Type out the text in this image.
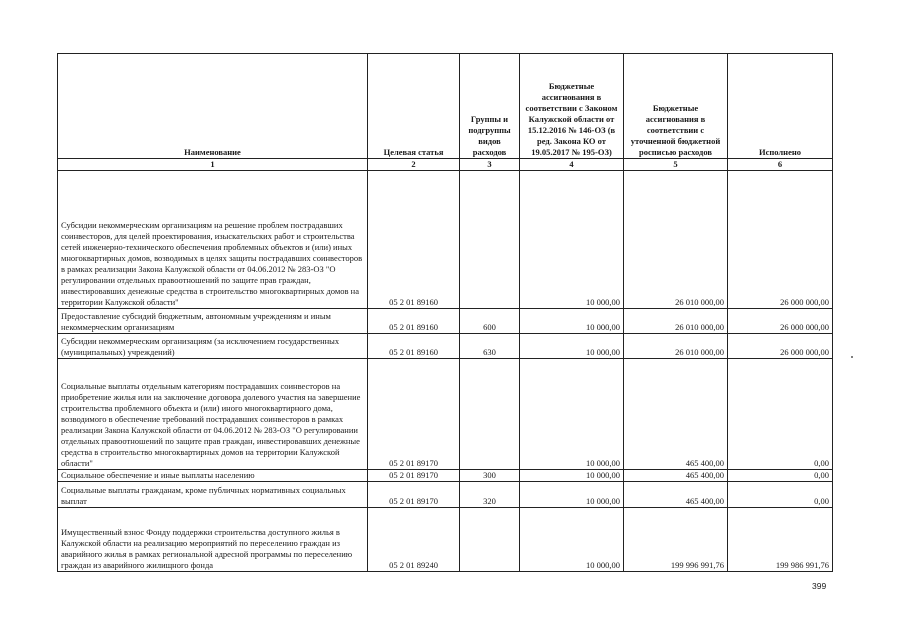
Наименование	Целевая статья	Группы и подгруппы видов расходов	Бюджетные ассигнования в соответствии с Законом Калужской области от 15.12.2016 № 146-ОЗ (в ред. Закона КО от 19.05.2017 № 195-ОЗ)	Бюджетные ассигнования в соответствии с уточненной бюджетной росписью расходов	Исполнено
1	2	3	4	5	6
Субсидии некоммерческим организациям на решение проблем пострадавших соинвесторов, для целей проектирования, изыскательских работ и строительства сетей инженерно-технического обеспечения проблемных объектов и (или) иных многоквартирных домов, возводимых в целях защиты пострадавших соинвесторов в рамках реализации Закона Калужской области от 04.06.2012 № 283-ОЗ "О регулировании отдельных правоотношений по защите прав граждан, инвестировавших денежные средства в строительство многоквартирных домов на территории Калужской области"	05 2 01 89160		10 000,00	26 010 000,00	26 000 000,00
Предоставление субсидий бюджетным, автономным учреждениям и иным некоммерческим организациям	05 2 01 89160	600	10 000,00	26 010 000,00	26 000 000,00
Субсидии некоммерческим организациям (за исключением государственных (муниципальных) учреждений)	05 2 01 89160	630	10 000,00	26 010 000,00	26 000 000,00
Социальные выплаты отдельным категориям пострадавших соинвесторов на приобретение жилья или на заключение договора долевого участия на завершение строительства проблемного объекта и (или) иного многоквартирного дома, возводимого в обеспечение требований пострадавших соинвесторов в рамках реализации Закона Калужской области от 04.06.2012 № 283-ОЗ "О регулировании отдельных правоотношений по защите прав граждан, инвестировавших денежные средства в строительство многоквартирных домов на территории Калужской области"	05 2 01 89170		10 000,00	465 400,00	0,00
Социальное обеспечение и иные выплаты населению	05 2 01 89170	300	10 000,00	465 400,00	0,00
Социальные выплаты гражданам, кроме публичных нормативных социальных выплат	05 2 01 89170	320	10 000,00	465 400,00	0,00
Имущественный взнос Фонду поддержки строительства доступного жилья в Калужской области на реализацию мероприятий по переселению граждан из аварийного жилья в рамках региональной адресной программы по переселению граждан из аварийного жилищного фонда	05 2 01 89240		10 000,00	199 996 991,76	199 986 991,76
399
